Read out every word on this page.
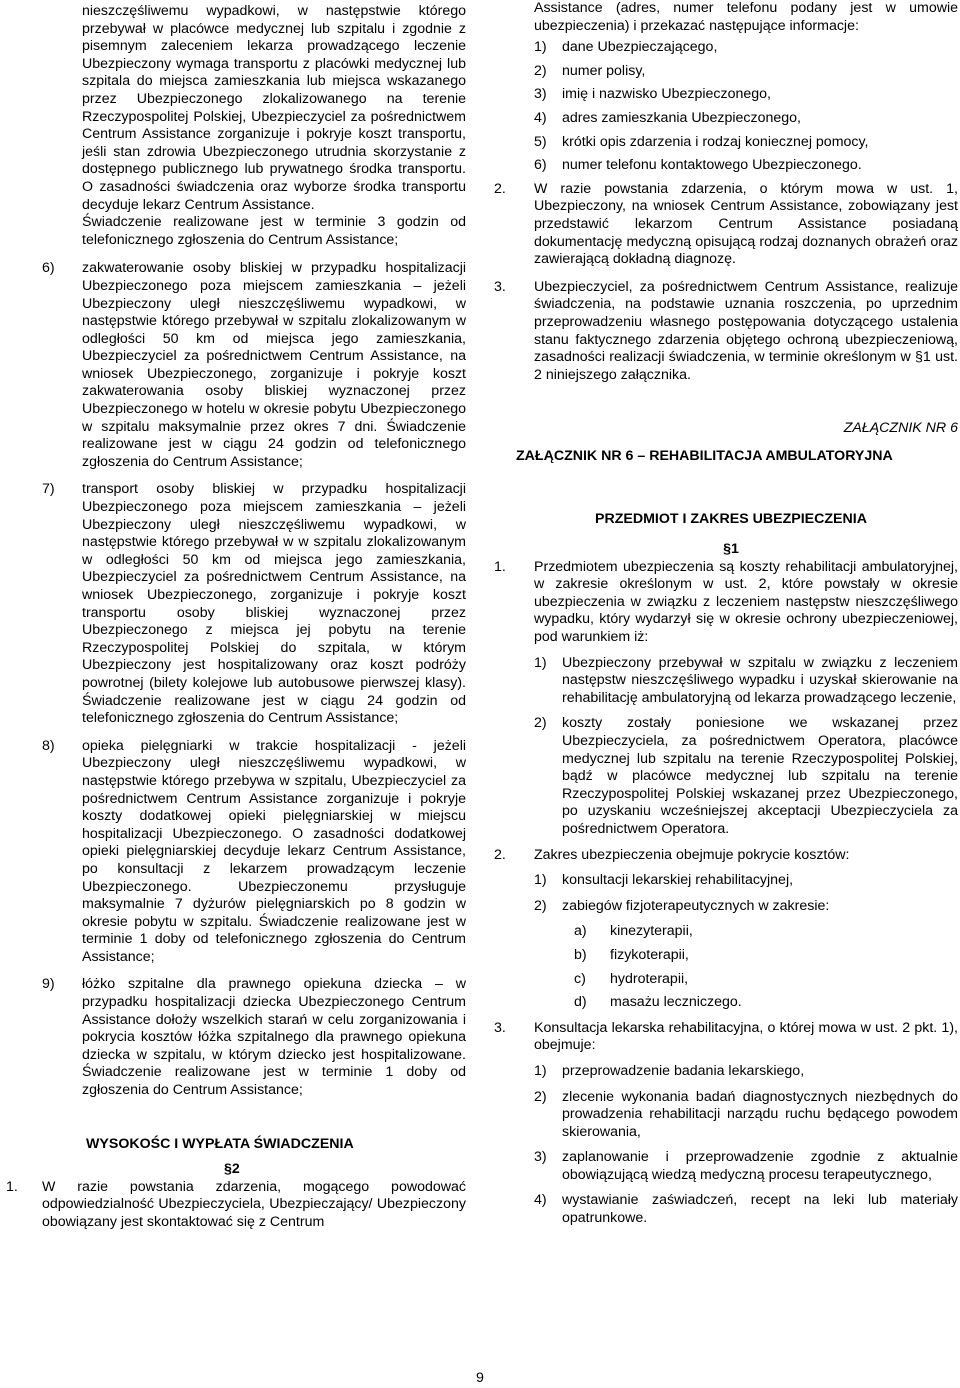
nieszczęśliwemu wypadkowi, w następstwie którego przebywał w placówce medycznej lub szpitalu i zgodnie z pisemnym zaleceniem lekarza prowadzącego leczenie Ubezpieczony wymaga transportu z placówki medycznej lub szpitala do miejsca zamieszkania lub miejsca wskazanego przez Ubezpieczonego zlokalizowanego na terenie Rzeczypospolitej Polskiej, Ubezpieczyciel za pośrednictwem Centrum Assistance zorganizuje i pokryje koszt transportu, jeśli stan zdrowia Ubezpieczonego utrudnia skorzystanie z dostępnego publicznego lub prywatnego środka transportu. O zasadności świadczenia oraz wyborze środka transportu decyduje lekarz Centrum Assistance.
Świadczenie realizowane jest w terminie 3 godzin od telefonicznego zgłoszenia do Centrum Assistance;
6) zakwaterowanie osoby bliskiej w przypadku hospitalizacji Ubezpieczonego poza miejscem zamieszkania – jeżeli Ubezpieczony uległ nieszczęśliwemu wypadkowi, w następstwie którego przebywał w szpitalu zlokalizowanym w odległości 50 km od miejsca jego zamieszkania, Ubezpieczyciel za pośrednictwem Centrum Assistance, na wniosek Ubezpieczonego, zorganizuje i pokryje koszt zakwaterowania osoby bliskiej wyznaczonej przez Ubezpieczonego w hotelu w okresie pobytu Ubezpieczonego w szpitalu maksymalnie przez okres 7 dni. Świadczenie realizowane jest w ciągu 24 godzin od telefonicznego zgłoszenia do Centrum Assistance;
7) transport osoby bliskiej w przypadku hospitalizacji Ubezpieczonego poza miejscem zamieszkania – jeżeli Ubezpieczony uległ nieszczęśliwemu wypadkowi, w następstwie którego przebywał w w szpitalu zlokalizowanym w odległości 50 km od miejsca jego zamieszkania, Ubezpieczyciel za pośrednictwem Centrum Assistance, na wniosek Ubezpieczonego, zorganizuje i pokryje koszt transportu osoby bliskiej wyznaczonej przez Ubezpieczonego z miejsca jej pobytu na terenie Rzeczypospolitej Polskiej do szpitala, w którym Ubezpieczony jest hospitalizowany oraz koszt podróży powrotnej (bilety kolejowe lub autobusowe pierwszej klasy). Świadczenie realizowane jest w ciągu 24 godzin od telefonicznego zgłoszenia do Centrum Assistance;
8) opieka pielęgniarki w trakcie hospitalizacji - jeżeli Ubezpieczony uległ nieszczęśliwemu wypadkowi, w następstwie którego przebywa w szpitalu, Ubezpieczyciel za pośrednictwem Centrum Assistance zorganizuje i pokryje koszty dodatkowej opieki pielęgniarskiej w miejscu hospitalizacji Ubezpieczonego. O zasadności dodatkowej opieki pielęgniarskiej decyduje lekarz Centrum Assistance, po konsultacji z lekarzem prowadzącym leczenie Ubezpieczonego. Ubezpieczonemu przysługuje maksymalnie 7 dyżurów pielęgniarskich po 8 godzin w okresie pobytu w szpitalu. Świadczenie realizowane jest w terminie 1 doby od telefonicznego zgłoszenia do Centrum Assistance;
9) łóżko szpitalne dla prawnego opiekuna dziecka – w przypadku hospitalizacji dziecka Ubezpieczonego Centrum Assistance dołoży wszelkich starań w celu zorganizowania i pokrycia kosztów łóżka szpitalnego dla prawnego opiekuna dziecka w szpitalu, w którym dziecko jest hospitalizowane. Świadczenie realizowane jest w terminie 1 doby od zgłoszenia do Centrum Assistance;
WYSOKOŚC I WYPŁATA ŚWIADCZENIA
§2
1. W razie powstania zdarzenia, mogącego powodować odpowiedzialność Ubezpieczyciela, Ubezpieczający/ Ubezpieczony obowiązany jest skontaktować się z Centrum
Assistance (adres, numer telefonu podany jest w umowie ubezpieczenia) i przekazać następujące informacje:
1) dane Ubezpieczającego,
2) numer polisy,
3) imię i nazwisko Ubezpieczonego,
4) adres zamieszkania Ubezpieczonego,
5) krótki opis zdarzenia i rodzaj koniecznej pomocy,
6) numer telefonu kontaktowego Ubezpieczonego.
2. W razie powstania zdarzenia, o którym mowa w ust. 1, Ubezpieczony, na wniosek Centrum Assistance, zobowiązany jest przedstawić lekarzom Centrum Assistance posiadaną dokumentację medyczną opisującą rodzaj doznanych obrażeń oraz zawierającą dokładną diagnozę.
3. Ubezpieczyciel, za pośrednictwem Centrum Assistance, realizuje świadczenia, na podstawie uznania roszczenia, po uprzednim przeprowadzeniu własnego postępowania dotyczącego ustalenia stanu faktycznego zdarzenia objętego ochroną ubezpieczeniową, zasadności realizacji świadczenia, w terminie określonym w §1 ust. 2 niniejszego załącznika.
ZAŁĄCZNIK NR 6
ZAŁĄCZNIK NR 6 – REHABILITACJA AMBULATORYJNA
PRZEDMIOT I ZAKRES UBEZPIECZENIA
§1
1. Przedmiotem ubezpieczenia są koszty rehabilitacji ambulatoryjnej, w zakresie określonym w ust. 2, które powstały w okresie ubezpieczenia w związku z leczeniem następstw nieszczęśliwego wypadku, który wydarzył się w okresie ochrony ubezpieczeniowej, pod warunkiem iż:
1) Ubezpieczony przebywał w szpitalu w związku z leczeniem następstw nieszczęśliwego wypadku i uzyskał skierowanie na rehabilitację ambulatoryjną od lekarza prowadzącego leczenie,
2) koszty zostały poniesione we wskazanej przez Ubezpieczyciela, za pośrednictwem Operatora, placówce medycznej lub szpitalu na terenie Rzeczypospolitej Polskiej, bądź w placówce medycznej lub szpitalu na terenie Rzeczypospolitej Polskiej wskazanej przez Ubezpieczonego, po uzyskaniu wcześniejszej akceptacji Ubezpieczyciela za pośrednictwem Operatora.
2. Zakres ubezpieczenia obejmuje pokrycie kosztów:
1) konsultacji lekarskiej rehabilitacyjnej,
2) zabiegów fizjoterapeutycznych w zakresie:
a) kinezyterapii,
b) fizykoterapii,
c) hydroterapii,
d) masażu leczniczego.
3. Konsultacja lekarska rehabilitacyjna, o której mowa w ust. 2 pkt. 1), obejmuje:
1) przeprowadzenie badania lekarskiego,
2) zlecenie wykonania badań diagnostycznych niezbędnych do prowadzenia rehabilitacji narządu ruchu będącego powodem skierowania,
3) zaplanowanie i przeprowadzenie zgodnie z aktualnie obowiązującą wiedzą medyczną procesu terapeutycznego,
4) wystawianie zaświadczeń, recept na leki lub materiały opatrunkowe.
9
